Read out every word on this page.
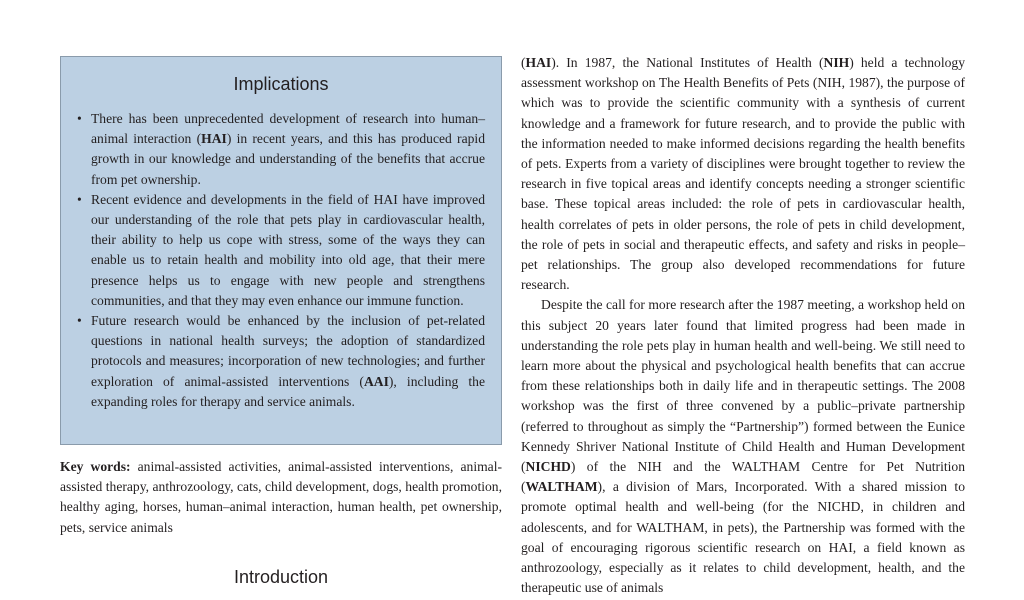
Implications
• There has been unprecedented development of research into human–animal interaction (HAI) in recent years, and this has produced rapid growth in our knowledge and understanding of the benefits that accrue from pet ownership.
• Recent evidence and developments in the field of HAI have improved our understanding of the role that pets play in cardiovascular health, their ability to help us cope with stress, some of the ways they can enable us to retain health and mobility into old age, that their mere presence helps us to engage with new people and strengthens communities, and that they may even enhance our immune function.
• Future research would be enhanced by the inclusion of pet-related questions in national health surveys; the adoption of standardized protocols and measures; incorporation of new technologies; and further exploration of animal-assisted interventions (AAI), including the expanding roles for therapy and service animals.
Key words: animal-assisted activities, animal-assisted interventions, animal-assisted therapy, anthrozoology, cats, child development, dogs, health promotion, healthy aging, horses, human–animal interaction, human health, pet ownership, pets, service animals
Introduction

(HAI). In 1987, the National Institutes of Health (NIH) held a technology assessment workshop on The Health Benefits of Pets (NIH, 1987), the purpose of which was to provide the scientific community with a synthesis of current knowledge and a framework for future research, and to provide the public with the information needed to make informed decisions regarding the health benefits of pets. Experts from a variety of disciplines were brought together to review the research in five topical areas and identify concepts needing a stronger scientific base. These topical areas included: the role of pets in cardiovascular health, health correlates of pets in older persons, the role of pets in child development, the role of pets in social and therapeutic effects, and safety and risks in people–pet relationships. The group also developed recommendations for future research.

Despite the call for more research after the 1987 meeting, a workshop held on this subject 20 years later found that limited progress had been made in understanding the role pets play in human health and well-being. We still need to learn more about the physical and psychological health benefits that can accrue from these relationships both in daily life and in therapeutic settings. The 2008 workshop was the first of three convened by a public–private partnership (referred to throughout as simply the “Partnership”) formed between the Eunice Kennedy Shriver National Institute of Child Health and Human Development (NICHD) of the NIH and the WALTHAM Centre for Pet Nutrition (WALTHAM), a division of Mars, Incorporated. With a shared mission to promote optimal health and well-being (for the NICHD, in children and adolescents, and for WALTHAM, in pets), the Partnership was formed with the goal of encouraging rigorous scientific research on HAI, a field known as anthrozoology, especially as it relates to child development, health, and the therapeutic use of animals
